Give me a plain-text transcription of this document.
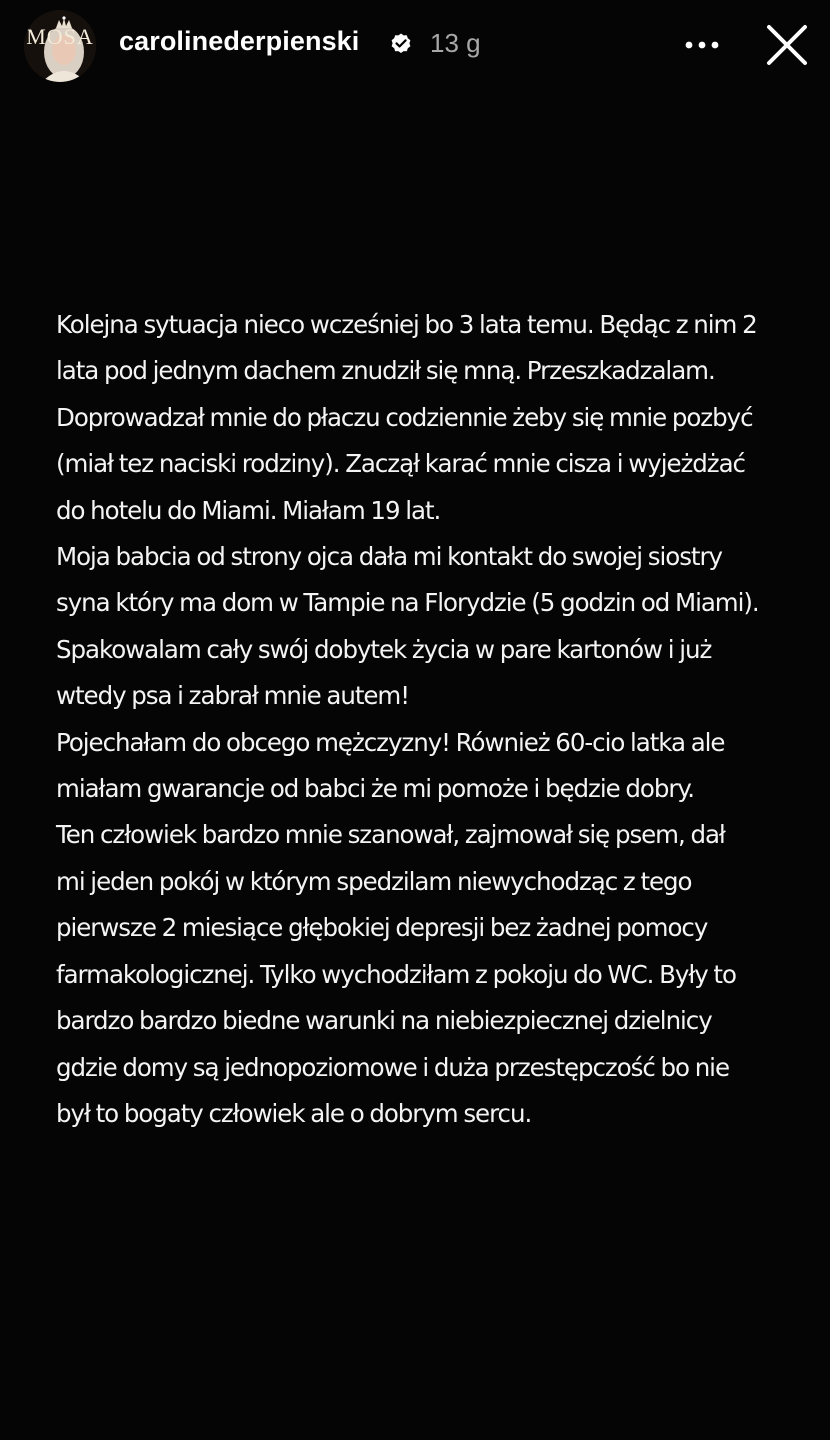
MOSA carolinederpienski	13 g
Kolejna sytuacja nieco wcześniej bo 3 lata temu. Będąc z nim 2
lata pod jednym dachem znudził się mną. Przeszkadzalam.
Doprowadzał mnie do płaczu codziennie żeby się mnie pozbyć
(miał tez naciski rodziny). Zaczął karać mnie cisza i wyjeżdżać
do hotelu do Miami. Miałam 19 lat.
Moja babcia od strony ojca dała mi kontakt do swojej siostry
syna który ma dom w Tampie na Florydzie (5 godzin od Miami).
Spakowalam cały swój dobytek życia w pare kartonów i już
wtedy psa i zabrał mnie autem!
Pojechałam do obcego mężczyzny! Również 60-cio latka ale
miałam gwarancje od babci że mi pomoże i będzie dobry.
Ten człowiek bardzo mnie szanował, zajmował się psem, dał
mi jeden pokój w którym spedzilam niewychodząc z tego
pierwsze 2 miesiące głębokiej depresji bez żadnej pomocy
farmakologicznej. Tylko wychodziłam z pokoju do WC. Były to
bardzo bardzo biedne warunki na niebiezpiecznej dzielnicy
gdzie domy są jednopoziomowe i duża przestępczość bo nie
był to bogaty człowiek ale o dobrym sercu.
